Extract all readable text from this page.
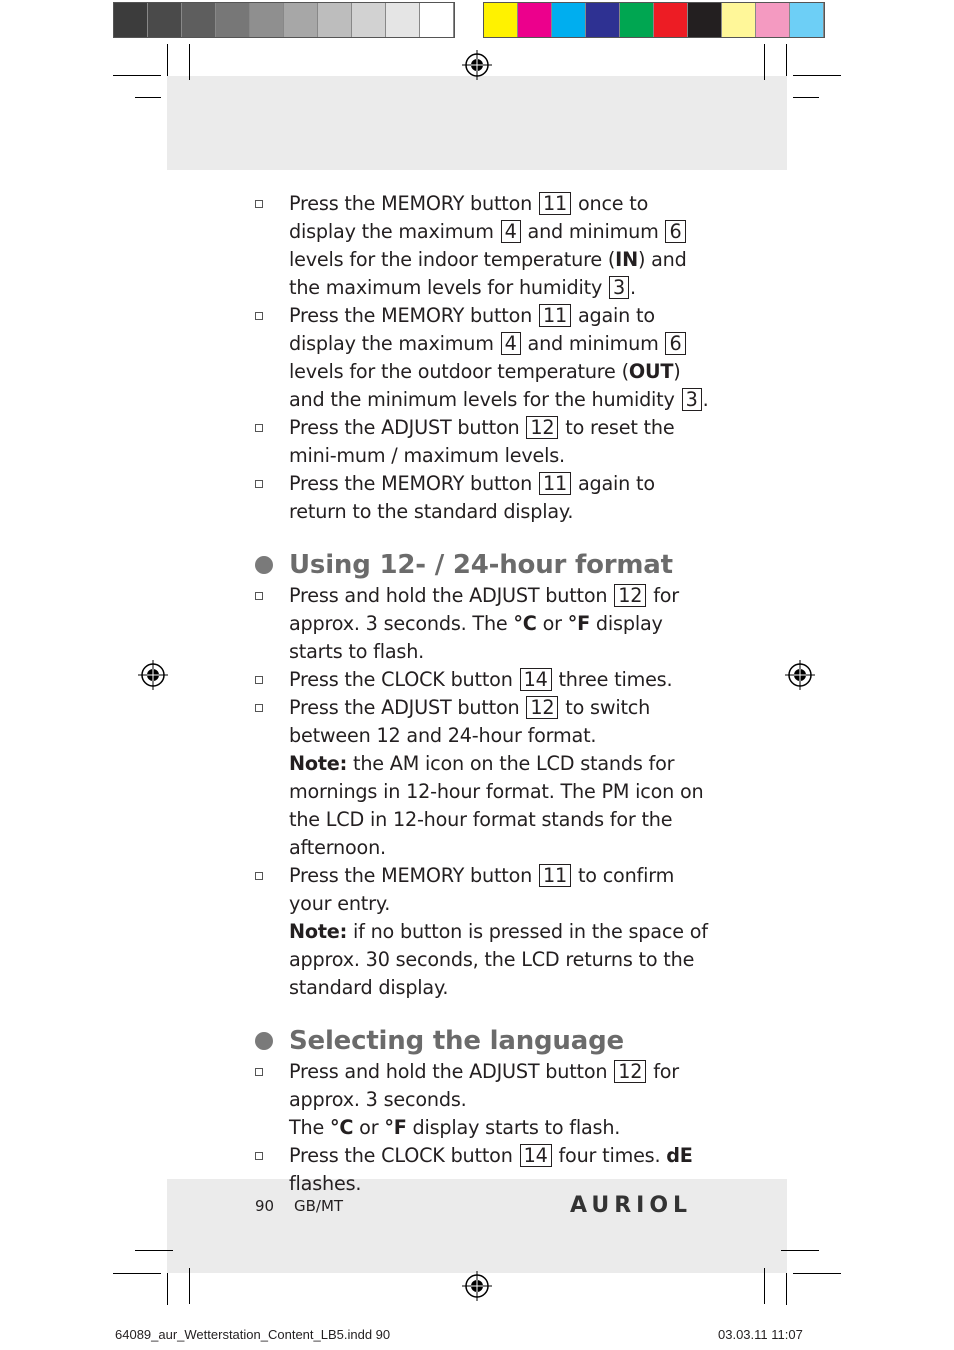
Press the MEMORY button 11 once to display the maximum 4 and minimum 6 levels for the indoor temperature (IN) and the maximum levels for humidity 3 .
Press the MEMORY button 11 again to display the maximum 4 and minimum 6 levels for the outdoor temperature (OUT) and the minimum levels for the humidity 3 .
Press the ADJUST button 12 to reset the mini-mum / maximum levels.
Press the MEMORY button 11 again to return to the standard display.
Using 12- / 24-hour format
Press and hold the ADJUST button 12 for approx. 3 seconds. The °C or °F display starts to flash.
Press the CLOCK button 14 three times.
Press the ADJUST button 12 to switch between 12 and 24-hour format.
Note: the AM icon on the LCD stands for mornings in 12-hour format. The PM icon on the LCD in 12-hour format stands for the afternoon.
Press the MEMORY button 11 to confirm your entry.
Note: if no button is pressed in the space of approx. 30 seconds, the LCD returns to the standard display.
Selecting the language
Press and hold the ADJUST button 12 for approx. 3 seconds.
The °C or °F display starts to flash.
Press the CLOCK button 14 four times. dE flashes.
90 GB/MT	AURIOL
64089_aur_Wetterstation_Content_LB5.indd 90	03.03.11 11:07
